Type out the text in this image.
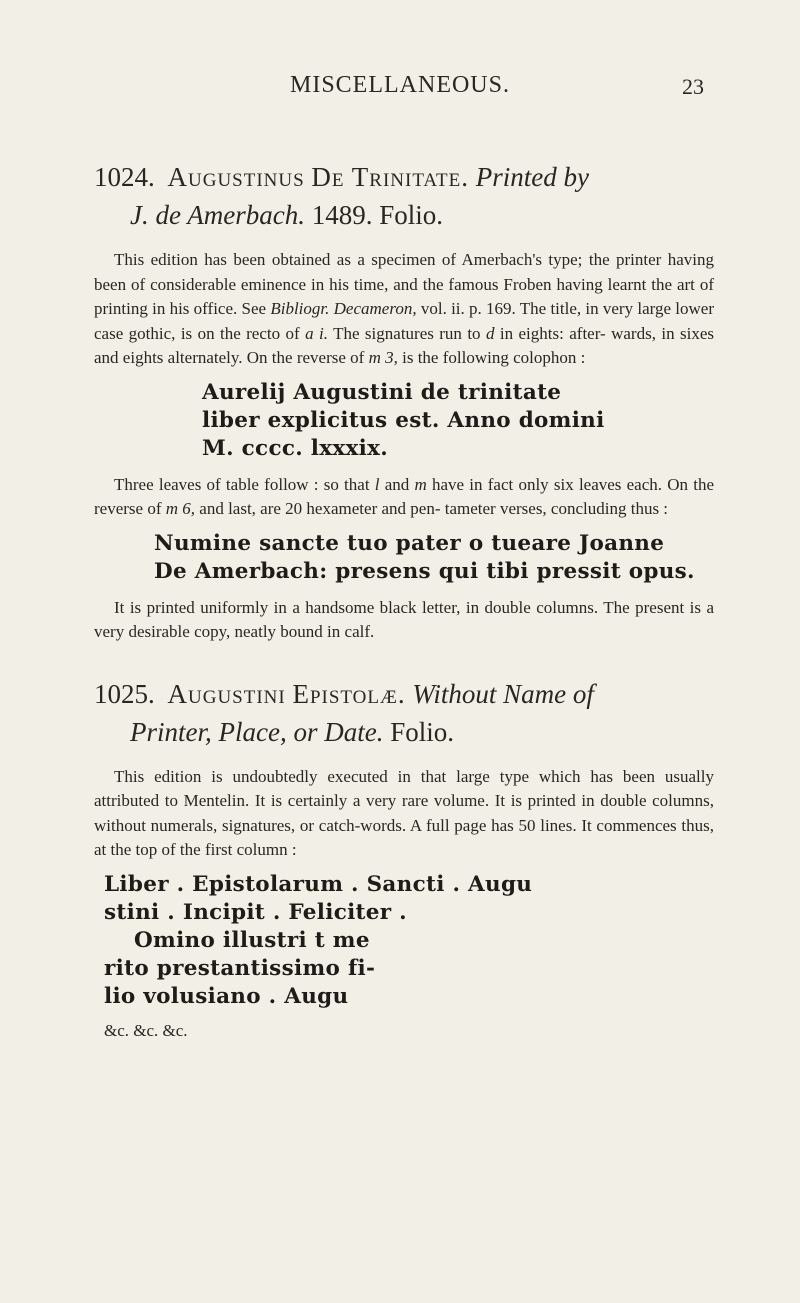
MISCELLANEOUS.	23
1024. Augustinus De Trinitate. Printed by
J. de Amerbach. 1489. Folio.

This edition has been obtained as a specimen of Amerbach's type; the printer having been of considerable eminence in his time, and the famous Froben having learnt the art of printing in his office. See Bibliogr. Decameron, vol. ii. p. 169. The title, in very large lower case gothic, is on the recto of a i. The signatures run to d in eights: after- wards, in sixes and eights alternately. On the reverse of m 3, is the following colophon :

Aurelij Augustini de trinitate
liber explicitus est. Anno domini
M. cccc. lxxxix.

Three leaves of table follow : so that l and m have in fact only six leaves each. On the reverse of m 6, and last, are 20 hexameter and pen- tameter verses, concluding thus :

Numine sancte tuo pater o tueare Joanne
De Amerbach: presens qui tibi pressit opus.

It is printed uniformly in a handsome black letter, in double columns. The present is a very desirable copy, neatly bound in calf.

1025. Augustini Epistolæ. Without Name of
Printer, Place, or Date. Folio.

This edition is undoubtedly executed in that large type which has been usually attributed to Mentelin. It is certainly a very rare volume. It is printed in double columns, without numerals, signatures, or catch-words. A full page has 50 lines. It commences thus, at the top of the first column :

Liber . Epistolarum . Sancti . Augu
stini . Incipit . Feliciter .
Omino illustri t me
rito prestantissimo fi-
lio volusiano . Augu
&c. &c. &c.
